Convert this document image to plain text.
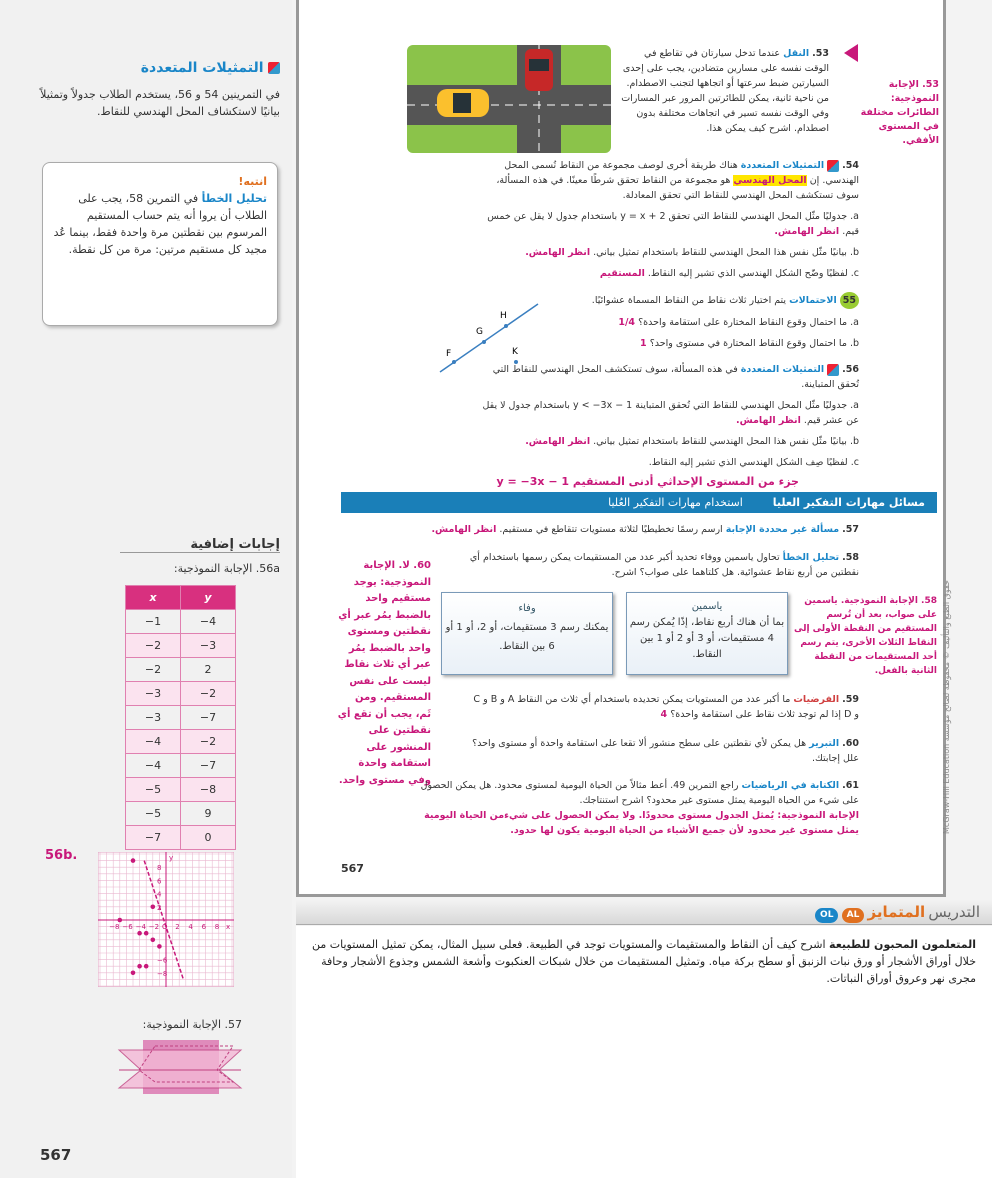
التمثيلات المتعددة
في التمرينين 54 و 56، يستخدم الطلاب جدولاً وتمثيلاً بيانيًا لاستكشاف المحل الهندسي للنقاط.
انتبه!
تحليل الخطأ في التمرين 58، يجب على الطلاب أن يروا أنه يتم حساب المستقيم المرسوم بين نقطتين مرة واحدة فقط، بينما عُد مجيد كل مستقيم مرتين: مرة من كل نقطة.
إجابات إضافية
56a. الإجابة النموذجية:
x	y
−1	−4
−2	−3
−2	2
−3	−2
−3	−7
−4	−2
−4	−7
−5	−8
−5	9
−7	0
56b.
−8 −6 −4 −2 O 2 4 6 8
8
6
4
2
−6
−8
x
y
57. الإجابة النموذجية:
567
53. النقل عندما تدخل سيارتان في تقاطع في الوقت نفسه على مسارين متضادين، يجب على إحدى السيارتين ضبط سرعتها أو اتجاهها لتجنب الاصطدام. من ناحية ثانية، يمكن للطائرتين المرور عبر المسارات وفي الوقت نفسه تسير في اتجاهات مختلفة بدون اصطدام. اشرح كيف يمكن هذا.
53. الإجابة النموذجية: الطائرات مختلفة في المستوى الأفقي.
54.  التمثيلات المتعددة هناك طريقة أخرى لوصف مجموعة من النقاط تُسمى المحل الهندسي. إن المحل الهندسي هو مجموعة من النقاط تحقق شرطًا معينًا. في هذه المسألة، سوف تستكشف المحل الهندسي للنقاط التي تحقق المعادلة.
a. جدوليًا مثّل المحل الهندسي للنقاط التي تحقق y = x + 2 باستخدام جدول لا يقل عن خمس قيم. انظر الهامش.
b. بيانيًا مثّل نفس هذا المحل الهندسي للنقاط باستخدام تمثيل بياني. انظر الهامش.
c. لفظيًا وضّح الشكل الهندسي الذي تشير إليه النقاط. المستقيم
F
G
H
K
55 الاحتمالات يتم اختيار ثلاث نقاط من النقاط المسماة عشوائيًا.
a. ما احتمال وقوع النقاط المختارة على استقامة واحدة؟ 1/4
b. ما احتمال وقوع النقاط المختارة في مستوى واحد؟ 1
56.  التمثيلات المتعددة في هذه المسألة، سوف تستكشف المحل الهندسي للنقاط التي تُحقق المتباينة.
a. جدوليًا مثّل المحل الهندسي للنقاط التي تُحقق المتباينة y < −3x − 1 باستخدام جدول لا يقل عن عشر قيم. انظر الهامش.
b. بيانيًا مثّل نفس هذا المحل الهندسي للنقاط باستخدام تمثيل بياني. انظر الهامش.
c. لفظيًا صِف الشكل الهندسي الذي تشير إليه النقاط.
جزء من المستوى الإحداثي أدنى المستقيم y = −3x − 1
مسائل مهارات التفكير العليااستخدام مهارات التفكير العُليا
57. مسألة غير محددة الإجابة ارسم رسمًا تخطيطيًا لثلاثة مستويات تتقاطع في مستقيم. انظر الهامش.
58. تحليل الخطأ تحاول ياسمين ووفاء تحديد أكبر عدد من المستقيمات يمكن رسمها باستخدام أي نقطتين من أربع نقاط عشوائية. هل كلتاهما على صواب؟ اشرح.
وفاء
يمكنك رسم 3 مستقيمات، أو 2، أو 1 أو 6 بين النقاط.
ياسمين
بما أن هناك أربع نقاط، إذًا يُمكن رسم 4 مستقيمات، أو 3 أو 2 أو 1 بين النقاط.
58. الإجابة النموذجية. ياسمين على صواب، بعد أن تُرسم المستقيم من النقطة الأولى إلى النقاط الثلاث الأخرى، يتم رسم أحد المستقيمات من النقطة الثانية بالفعل.
60. لا. الإجابة النموذجية: يوجد مستقيم واحد بالضبط يمُر عبر أي نقطتين ومستوى واحد بالضبط يمُر عبر أي ثلاث نقاط ليست على نفس المستقيم. ومن ثَم، يجب أن تقع أي نقطتين على المنشور على استقامة واحدة وفي مستوى واحد.
59. الفرضيات ما أكبر عدد من المستويات يمكن تحديده باستخدام أي ثلاث من النقاط A و B و C و D إذا لم توجد ثلاث نقاط على استقامة واحدة؟ 4
60. التبرير هل يمكن لأي نقطتين على سطح منشور ألا تقعا على استقامة واحدة أو مستوى واحد؟ علل إجابتك.
61. الكتابة في الرياضيات راجع التمرين 49. أعط مثالاً من الحياة اليومية لمستوى محدود. هل يمكن الحصول على شيء من الحياة اليومية يمثل مستوى غير محدود؟ اشرح استنتاجك.
الإجابة النموذجية: يُمثل الجدول مستوى محدودًا. ولا يمكن الحصول على شيءمن الحياة اليومية يمثل مستوى غير محدود لأن جميع الأشياء من الحياة اليومية يكون لها حدود.
567
حقوق الطبع والتأليف © محفوظة لصالح مؤسسة McGraw-Hill Education
التدريس المتمايز AL OL
المتعلمون المحبون للطبيعة اشرح كيف أن النقاط والمستقيمات والمستويات توجد في الطبيعة. فعلى سبيل المثال، يمكن تمثيل المستويات من خلال أوراق الأشجار أو ورق نبات الزنبق أو سطح بركة مياه. وتمثيل المستقيمات من خلال شبكات العنكبوت وأشعة الشمس وجذوع الأشجار وحافة مجرى نهر وعروق أوراق النباتات.
